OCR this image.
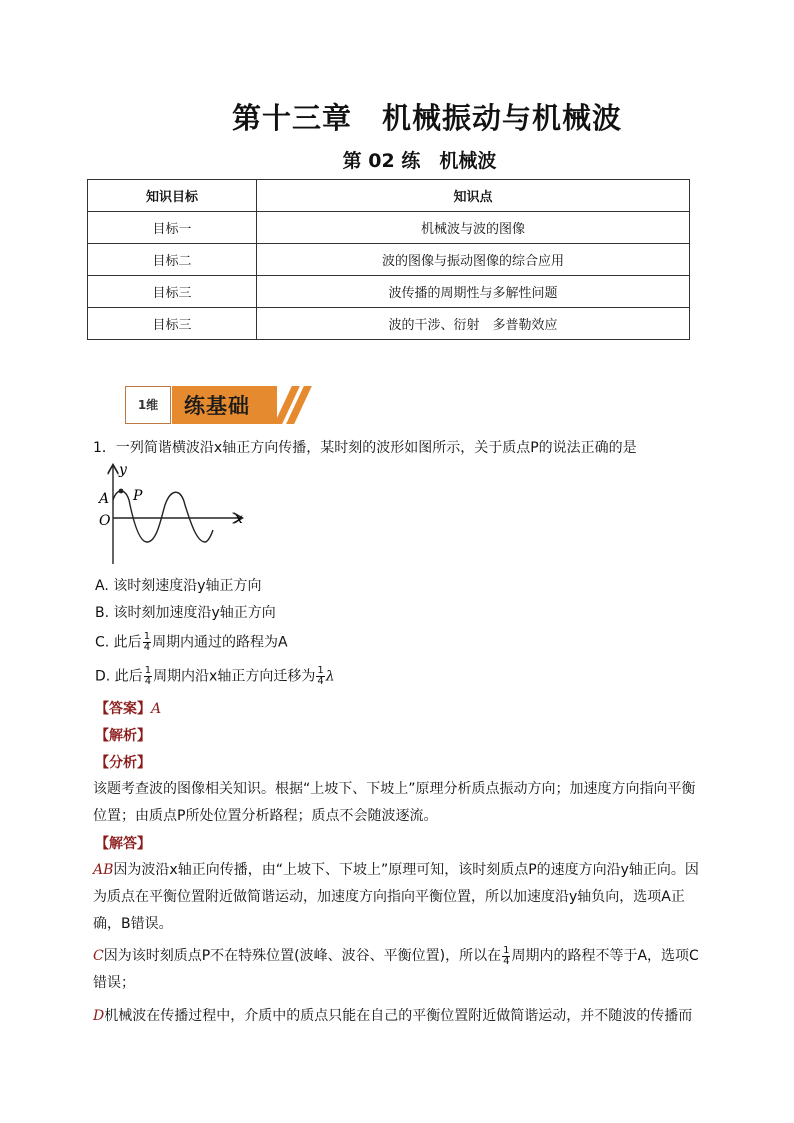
第十三章　机械振动与机械波
第 02 练　机械波
知识目标	知识点
目标一	机械波与波的图像
目标二	波的图像与振动图像的综合应用
目标三	波传播的周期性与多解性问题
目标三	波的干涉、衍射　多普勒效应
1维	练基础
1．一列简谐横波沿x轴正方向传播，某时刻的波形如图所示，关于质点P的说法正确的是
y
x
A
O
P
A. 该时刻速度沿y轴正方向
B. 该时刻加速度沿y轴正方向
C. 此后 $\frac{1}{4}$ 周期内通过的路程为A
D. 此后 $\frac{1}{4}$ 周期内沿x轴正方向迁移为 $\frac{1}{4}$ λ
【答案】A
【解析】
【分析】
该题考查波的图像相关知识。根据“上坡下、下坡上”原理分析质点振动方向；加速度方向指向平衡位置；由质点P所处位置分析路程；质点不会随波逐流。
【解答】
AB因为波沿x轴正向传播，由“上坡下、下坡上”原理可知，该时刻质点P的速度方向沿y轴正向。因为质点在平衡位置附近做简谐运动，加速度方向指向平衡位置，所以加速度沿y轴负向，选项A正确，B错误。
C因为该时刻质点P不在特殊位置(波峰、波谷、平衡位置)，所以在 $\frac{1}{4}$ 周期内的路程不等于A，选项C错误；
D机械波在传播过程中，介质中的质点只能在自己的平衡位置附近做简谐运动，并不随波的传播而
